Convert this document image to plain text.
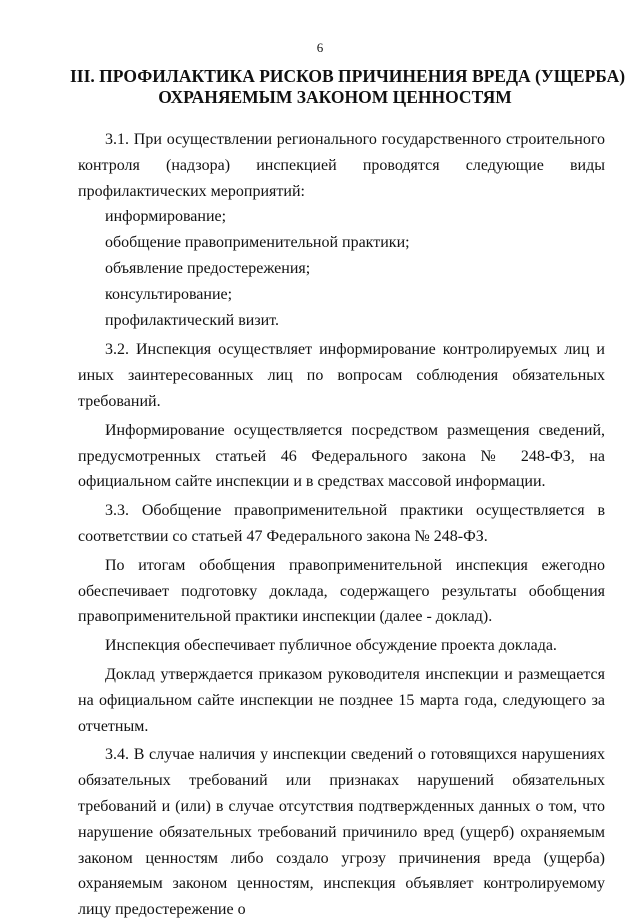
6
III. ПРОФИЛАКТИКА РИСКОВ ПРИЧИНЕНИЯ ВРЕДА (УЩЕРБА)
ОХРАНЯЕМЫМ ЗАКОНОМ ЦЕННОСТЯМ

3.1. При осуществлении регионального государственного строительного контроля (надзора) инспекцией проводятся следующие виды профилактических мероприятий:

информирование;

обобщение правоприменительной практики;

объявление предостережения;

консультирование;

профилактический визит.

3.2. Инспекция осуществляет информирование контролируемых лиц и иных заинтересованных лиц по вопросам соблюдения обязательных требований.

Информирование осуществляется посредством размещения сведений, предусмотренных статьей 46 Федерального закона № 248-ФЗ, на официальном сайте инспекции и в средствах массовой информации.

3.3. Обобщение правоприменительной практики осуществляется в соответствии со статьей 47 Федерального закона № 248-ФЗ.

По итогам обобщения правоприменительной инспекция ежегодно обеспечивает подготовку доклада, содержащего результаты обобщения правоприменительной практики инспекции (далее - доклад).

Инспекция обеспечивает публичное обсуждение проекта доклада.

Доклад утверждается приказом руководителя инспекции и размещается на официальном сайте инспекции не позднее 15 марта года, следующего за отчетным.

3.4. В случае наличия у инспекции сведений о готовящихся нарушениях обязательных требований или признаках нарушений обязательных требований и (или) в случае отсутствия подтвержденных данных о том, что нарушение обязательных требований причинило вред (ущерб) охраняемым законом ценностям либо создало угрозу причинения вреда (ущерба) охраняемым законом ценностям, инспекция объявляет контролируемому лицу предостережение о
